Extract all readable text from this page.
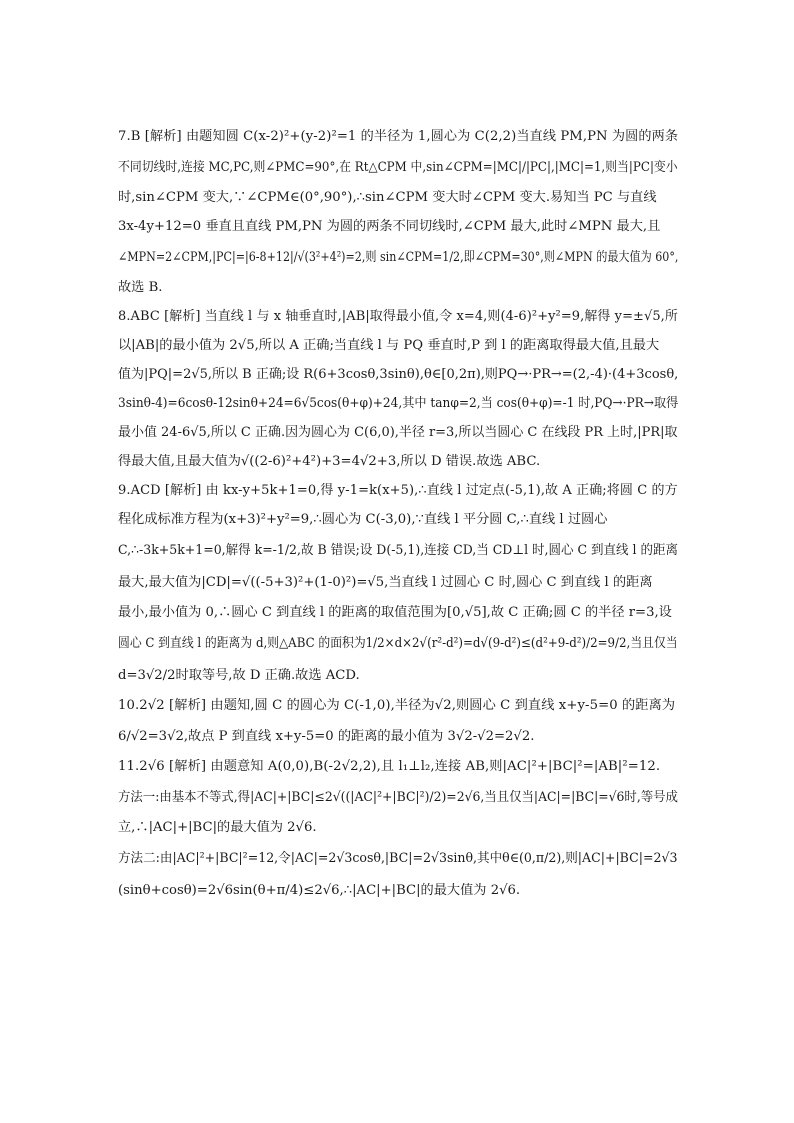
7.B [解析] 由题知圆 C(x-2)²+(y-2)²=1 的半径为 1,圆心为 C(2,2)当直线 PM,PN 为圆的两条
不同切线时,连接 MC,PC,则∠PMC=90°,在 Rt△CPM 中,sin∠CPM=|MC|/|PC|,|MC|=1,则当|PC|变小
时,sin∠CPM 变大,∵∠CPM∈(0°,90°),∴sin∠CPM 变大时∠CPM 变大.易知当 PC 与直线
3x-4y+12=0 垂直且直线 PM,PN 为圆的两条不同切线时,∠CPM 最大,此时∠MPN 最大,且
∠MPN=2∠CPM,|PC|=|6-8+12|/√(3²+4²)=2,则 sin∠CPM=1/2,即∠CPM=30°,则∠MPN 的最大值为 60°,
故选 B.
8.ABC [解析] 当直线 l 与 x 轴垂直时,|AB|取得最小值,令 x=4,则(4-6)²+y²=9,解得 y=±√5,所
以|AB|的最小值为 2√5,所以 A 正确;当直线 l 与 PQ 垂直时,P 到 l 的距离取得最大值,且最大
值为|PQ|=2√5,所以 B 正确;设 R(6+3cosθ,3sinθ),θ∈[0,2π),则PQ→·PR→=(2,-4)·(4+3cosθ,
3sinθ-4)=6cosθ-12sinθ+24=6√5cos(θ+φ)+24,其中 tanφ=2,当 cos(θ+φ)=-1 时,PQ→·PR→取得
最小值 24-6√5,所以 C 正确.因为圆心为 C(6,0),半径 r=3,所以当圆心 C 在线段 PR 上时,|PR|取
得最大值,且最大值为√((2-6)²+4²)+3=4√2+3,所以 D 错误.故选 ABC.
9.ACD [解析] 由 kx-y+5k+1=0,得 y-1=k(x+5),∴直线 l 过定点(-5,1),故 A 正确;将圆 C 的方
程化成标准方程为(x+3)²+y²=9,∴圆心为 C(-3,0),∵直线 l 平分圆 C,∴直线 l 过圆心
C,∴-3k+5k+1=0,解得 k=-1/2,故 B 错误;设 D(-5,1),连接 CD,当 CD⊥l 时,圆心 C 到直线 l 的距离
最大,最大值为|CD|=√((-5+3)²+(1-0)²)=√5,当直线 l 过圆心 C 时,圆心 C 到直线 l 的距离
最小,最小值为 0,∴圆心 C 到直线 l 的距离的取值范围为[0,√5],故 C 正确;圆 C 的半径 r=3,设
圆心 C 到直线 l 的距离为 d,则△ABC 的面积为1/2×d×2√(r²-d²)=d√(9-d²)≤(d²+9-d²)/2=9/2,当且仅当
d=3√2/2时取等号,故 D 正确.故选 ACD.
10.2√2 [解析] 由题知,圆 C 的圆心为 C(-1,0),半径为√2,则圆心 C 到直线 x+y-5=0 的距离为
6/√2=3√2,故点 P 到直线 x+y-5=0 的距离的最小值为 3√2-√2=2√2.
11.2√6 [解析] 由题意知 A(0,0),B(-2√2,2),且 l₁⊥l₂,连接 AB,则|AC|²+|BC|²=|AB|²=12.
方法一:由基本不等式,得|AC|+|BC|≤2√((|AC|²+|BC|²)/2)=2√6,当且仅当|AC|=|BC|=√6时,等号成
立,∴|AC|+|BC|的最大值为 2√6.
方法二:由|AC|²+|BC|²=12,令|AC|=2√3cosθ,|BC|=2√3sinθ,其中θ∈(0,π/2),则|AC|+|BC|=2√3
(sinθ+cosθ)=2√6sin(θ+π/4)≤2√6,∴|AC|+|BC|的最大值为 2√6.
